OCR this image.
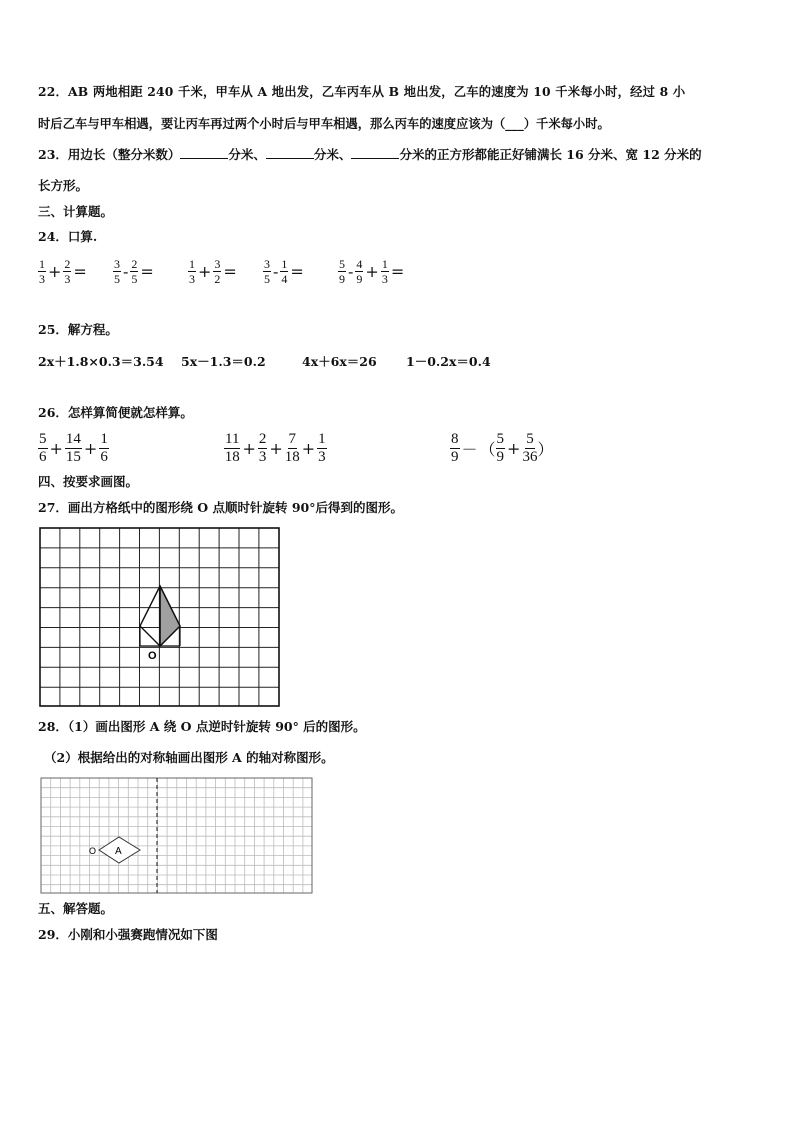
22．AB 两地相距 240 千米，甲车从 A 地出发，乙车丙车从 B 地出发，乙车的速度为 10 千米每小时，经过 8 小
时后乙车与甲车相遇，要让丙车再过两个小时后与甲车相遇，那么丙车的速度应该为（___）千米每小时。
23．用边长（整分米数）	分米、	分米、	分米的正方形都能正好铺满长 16 分米、宽 12 分米的
长方形。
三、计算题。
24．口算.
$\frac{1}{3} + \frac{2}{3} = \frac{3}{5} - \frac{2}{5}$ =	$\frac{1}{3} + \frac{3}{2} = \frac{3}{5} - \frac{1}{4}$ =	$\frac{5}{9} - \frac{4}{9} + \frac{1}{3}$ =
25．解方程。
2x＋1.8×0.3＝3.54 5x－1.3＝0.2	4x＋6x＝26 1－0.2x＝0.4
26．怎样算简便就怎样算。
$\frac{5}{6} + \frac{14}{15} + \frac{1}{6}$	$\frac{11}{18} + \frac{2}{3} + \frac{7}{18} + \frac{1}{3}$	$\frac{8}{9}$ － （ $\frac{5}{9} + \frac{5}{36}$ ）
四、按要求画图。
27．画出方格纸中的图形绕 O 点顺时针旋转 90°后得到的图形。
O
28．（1）画出图形 A 绕 O 点逆时针旋转 90° 后的图形。
（2）根据给出的对称轴画出图形 A 的轴对称图形。
A
O
五、解答题。
29．小刚和小强赛跑情况如下图
